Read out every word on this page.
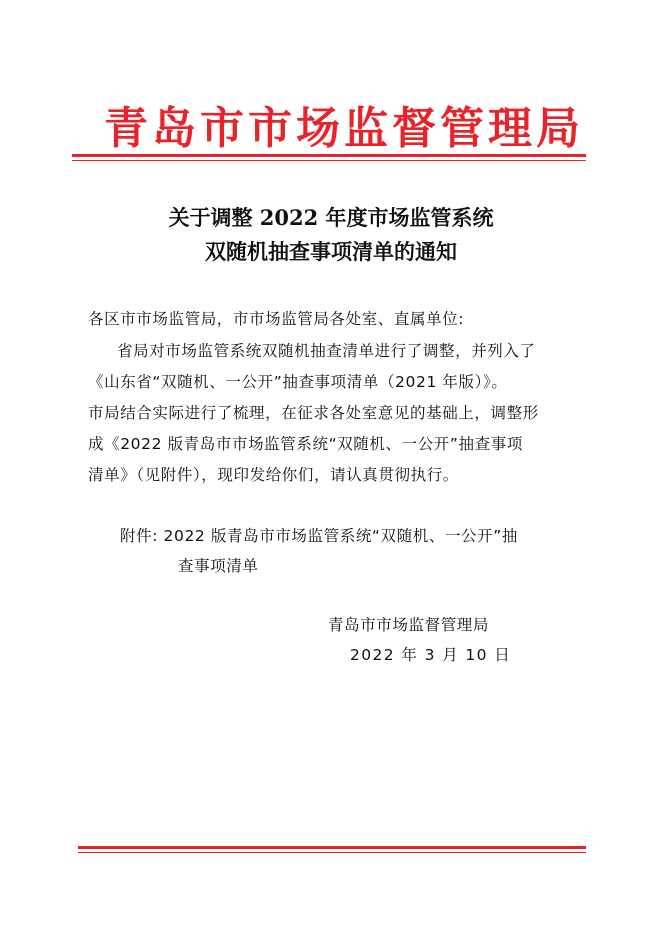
青岛市市场监督管理局
关于调整 2022 年度市场监管系统
双随机抽查事项清单的通知
各区市市场监管局，市市场监管局各处室、直属单位:
省局对市场监管系统双随机抽查清单进行了调整，并列入了
《山东省“双随机、一公开”抽查事项清单（2021 年版）》。
市局结合实际进行了梳理，在征求各处室意见的基础上，调整形
成《2022 版青岛市市场监管系统“双随机、一公开”抽查事项
清单》（见附件），现印发给你们，请认真贯彻执行。
附件: 2022 版青岛市市场监管系统“双随机、一公开”抽
查事项清单
青岛市市场监督管理局
2022 年 3 月 10 日
